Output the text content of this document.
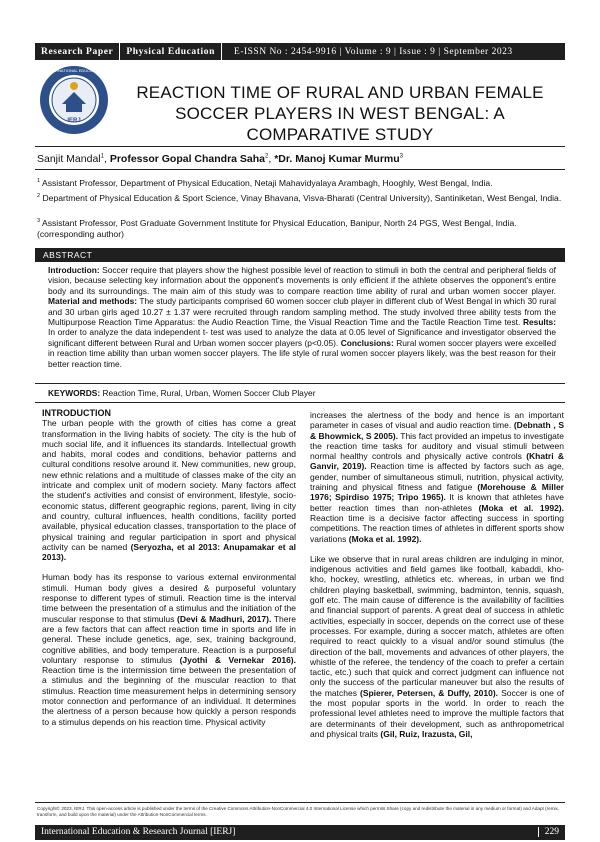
Research Paper Physical Education E-ISSN No : 2454-9916 | Volume : 9 | Issue : 9 | September 2023
IERJ
INTERNATIONAL EDUCATION
REACTION TIME OF RURAL AND URBAN FEMALE SOCCER PLAYERS IN WEST BENGAL: A COMPARATIVE STUDY
Sanjit Mandal$^1$, Professor Gopal Chandra Saha$^2$, *Dr. Manoj Kumar Murmu$^3$
$^1$ Assistant Professor, Department of Physical Education, Netaji Mahavidyalaya Arambagh, Hooghly, West Bengal, India.
$^2$ Department of Physical Education & Sport Science, Vinay Bhavana, Visva-Bharati (Central University), Santiniketan, West Bengal, India.
$^3$ Assistant Professor, Post Graduate Government Institute for Physical Education, Banipur, North 24 PGS, West Bengal, India. (corresponding author)
ABSTRACT
Introduction: Soccer require that players show the highest possible level of reaction to stimuli in both the central and peripheral fields of vision, because selecting key information about the opponent's movements is only efficient if the athlete observes the opponent's entire body and its surroundings. The main aim of this study was to compare reaction time ability of rural and urban women soccer player. Material and methods: The study participants comprised 60 women soccer club player in different club of West Bengal in which 30 rural and 30 urban girls aged 10.27 ± 1.37 were recruited through random sampling method. The study involved three ability tests from the Multipurpose Reaction Time Apparatus: the Audio Reaction Time, the Visual Reaction Time and the Tactile Reaction Time test. Results: In order to analyze the data independent t- test was used to analyze the data at 0.05 level of Significance and investigator observed the significant different between Rural and Urban women soccer players (p<0.05). Conclusions: Rural women soccer players were excelled in reaction time ability than urban women soccer players. The life style of rural women soccer players likely, was the best reason for their better reaction time.
KEYWORDS: Reaction Time, Rural, Urban, Women Soccer Club Player
INTRODUCTION

The urban people with the growth of cities has come a great transformation in the living habits of society. The city is the hub of much social life, and it influences its standards. Intellectual growth and habits, moral codes and conditions, behavior patterns and cultural conditions resolve around it. New communities, new group, new ethnic relations and a multitude of classes make of the city an intricate and complex unit of modern society. Many factors affect the student's activities and consist of environment, lifestyle, socio-economic status, different geographic regions, parent, living in city and country, cultural influences, health conditions, facility ported available, physical education classes, transportation to the place of physical training and regular participation in sport and physical activity can be named (Seryozha, et al 2013: Anupamakar et al 2013).

Human body has its response to various external environmental stimuli. Human body gives a desired & purposeful voluntary response to different types of stimuli. Reaction time is the interval time between the presentation of a stimulus and the initiation of the muscular response to that stimulus (Devi & Madhuri, 2017). There are a few factors that can affect reaction time in sports and life in general. These include genetics, age, sex, training background, cognitive abilities, and body temperature. Reaction is a purposeful voluntary response to stimulus (Jyothi & Vernekar 2016). Reaction time is the intermission time between the presentation of a stimulus and the beginning of the muscular reaction to that stimulus. Reaction time measurement helps in determining sensory motor connection and performance of an individual. It determines the alertness of a person because how quickly a person responds to a stimulus depends on his reaction time. Physical activity

increases the alertness of the body and hence is an important parameter in cases of visual and audio reaction time. (Debnath , S & Bhowmick, S 2005). This fact provided an impetus to investigate the reaction time tasks for auditory and visual stimuli between normal healthy controls and physically active controls (Khatri & Ganvir, 2019). Reaction time is affected by factors such as age, gender, number of simultaneous stimuli, nutrition, physical activity, training and physical fitness and fatigue (Morehouse & Miller 1976; Spirdiso 1975; Tripo 1965). It is known that athletes have better reaction times than non-athletes (Moka et al. 1992). Reaction time is a decisive factor affecting success in sporting competitions. The reaction times of athletes in different sports show variations (Moka et al. 1992).

Like we observe that in rural areas children are indulging in minor, indigenous activities and field games like football, kabaddi, kho-kho, hockey, wrestling, athletics etc. whereas, in urban we find children playing basketball, swimming, badminton, tennis, squash, golf etc. The main cause of difference is the availability of facilities and financial support of parents. A great deal of success in athletic activities, especially in soccer, depends on the correct use of these processes. For example, during a soccer match, athletes are often required to react quickly to a visual and/or sound stimulus (the direction of the ball, movements and advances of other players, the whistle of the referee, the tendency of the coach to prefer a certain tactic, etc.) such that quick and correct judgment can influence not only the success of the particular maneuver but also the results of the matches (Spierer, Petersen, & Duffy, 2010). Soccer is one of the most popular sports in the world. In order to reach the professional level athletes need to improve the multiple factors that are determinants of their development, such as anthropometrical and physical traits (Gil, Ruiz, Irazusta, Gil,

Copyright© 2023, IERJ. This open-access article is published under the terms of the Creative Commons Attribution-NonCommercial 4.0 International License which permits Share (copy and redistribute the material in any medium or format) and Adapt (remix, transform, and build upon the material) under the Attribution-NonCommercial terms.
International Education & Research Journal [IERJ]	229
